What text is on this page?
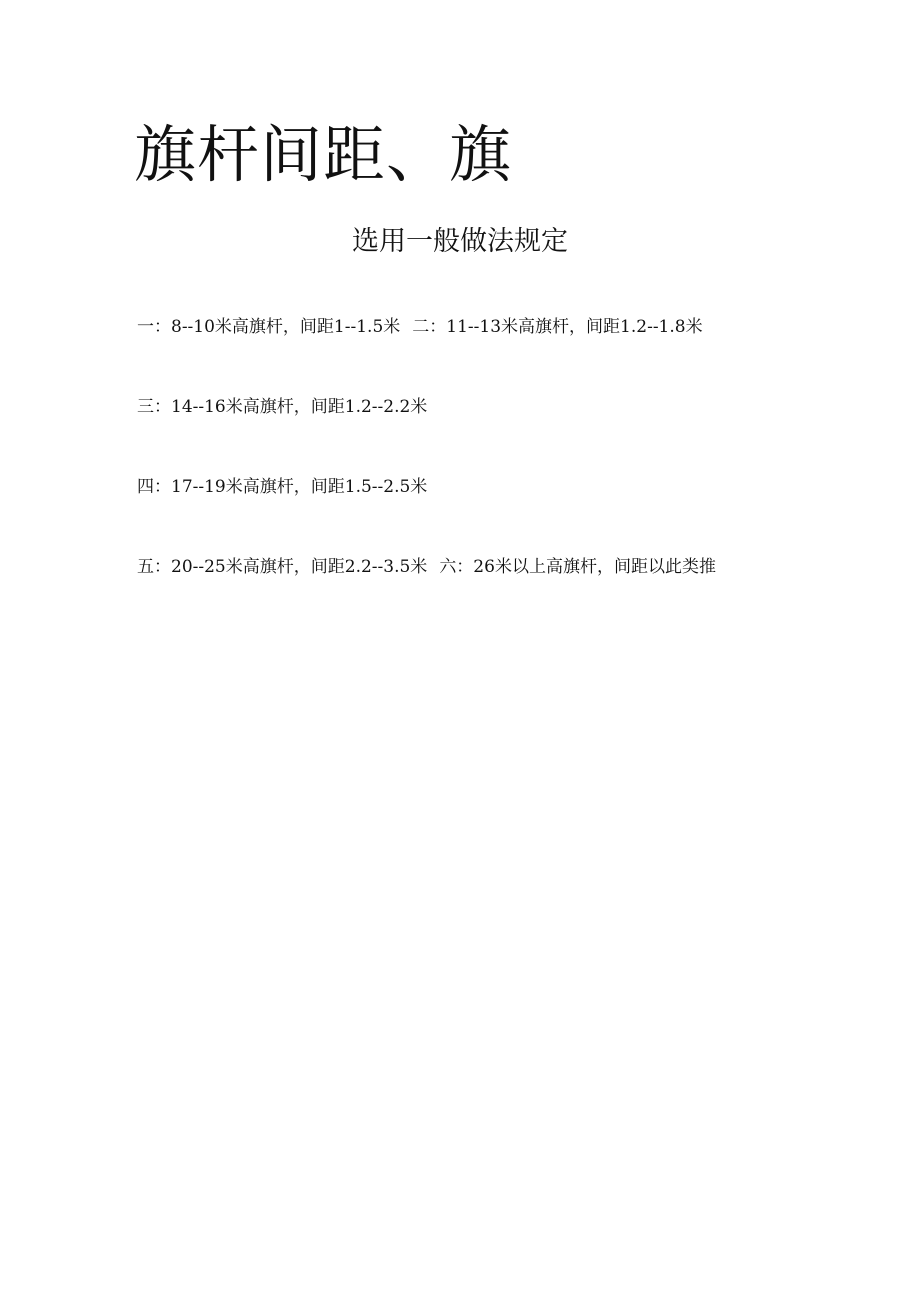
旗杆间距、旗
选用一般做法规定
一：8--10米高旗杆，间距1--1.5米 二：11--13米高旗杆，间距1.2--1.8米
三：14--16米高旗杆，间距1.2--2.2米
四：17--19米高旗杆，间距1.5--2.5米
五：20--25米高旗杆，间距2.2--3.5米 六：26米以上高旗杆，间距以此类推
